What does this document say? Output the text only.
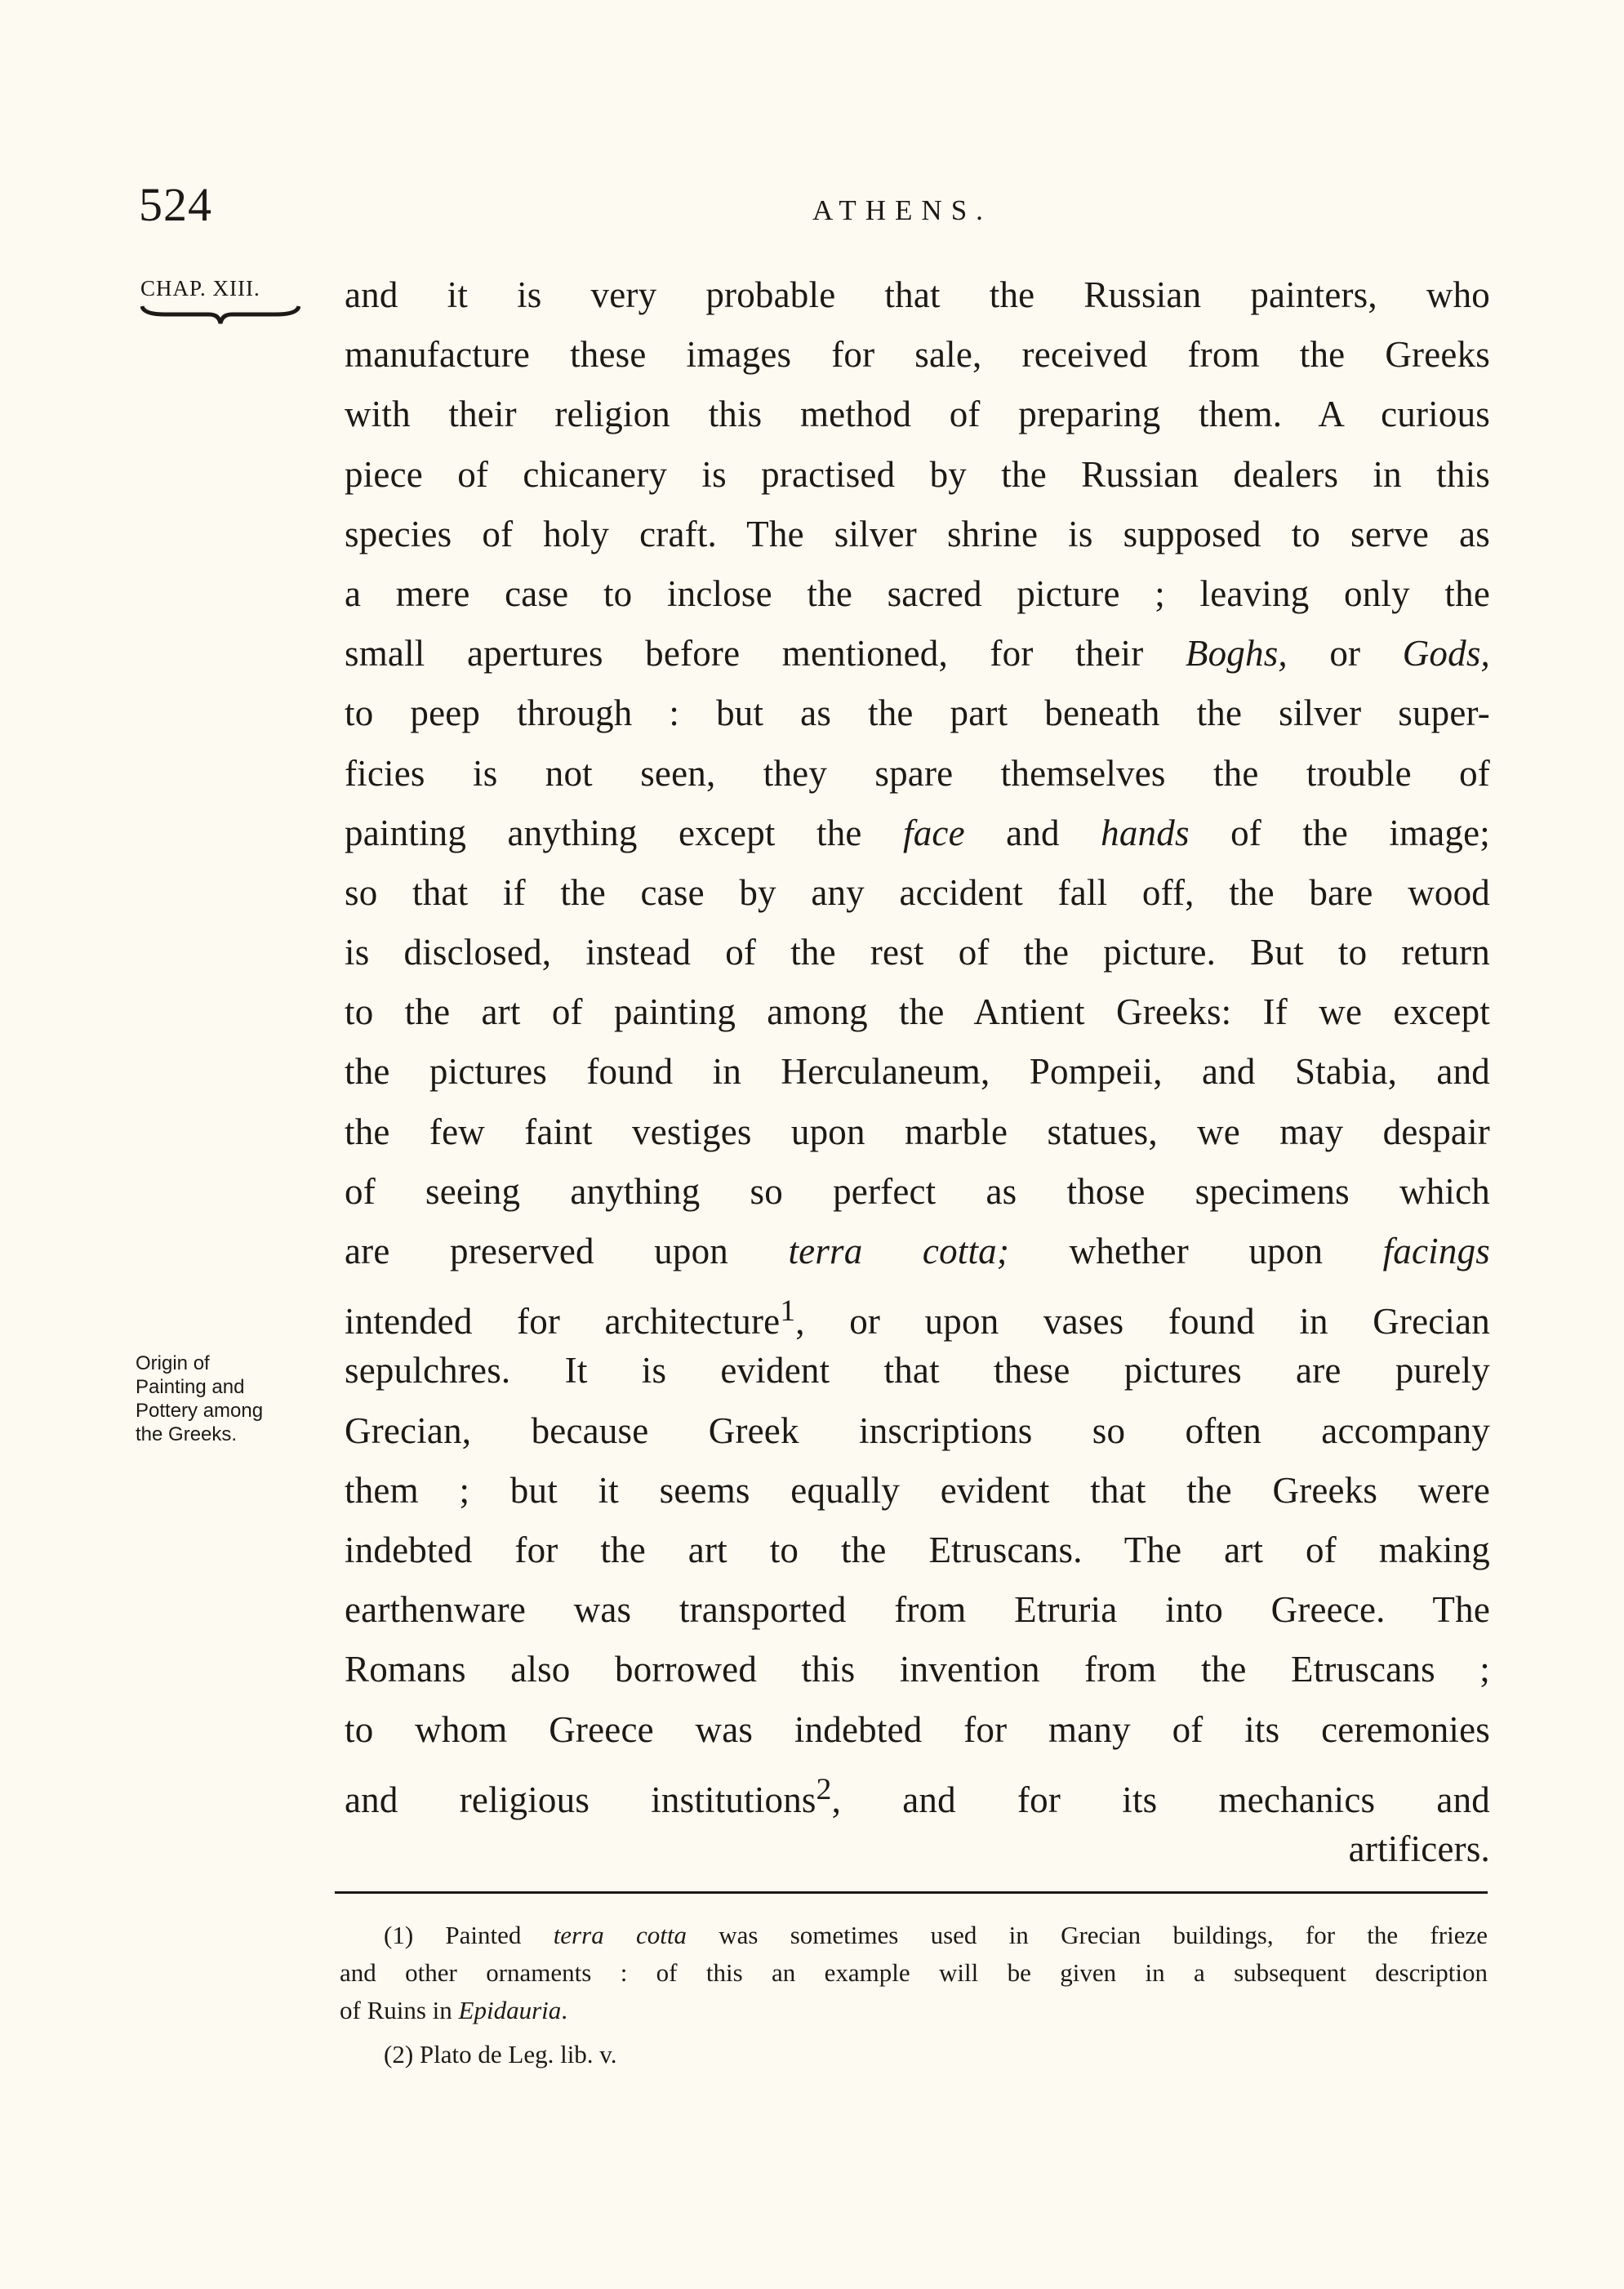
524	ATHENS.
CHAP. XIII.
Origin of
Painting and
Pottery among
the Greeks.
and it is very probable that the Russian painters, who
manufacture these images for sale, received from the Greeks
with their religion this method of preparing them. A curious
piece of chicanery is practised by the Russian dealers in this
species of holy craft. The silver shrine is supposed to serve as
a mere case to inclose the sacred picture ; leaving only the
small apertures before mentioned, for their Boghs, or Gods,
to peep through : but as the part beneath the silver super-
ficies is not seen, they spare themselves the trouble of
painting anything except the face and hands of the image;
so that if the case by any accident fall off, the bare wood
is disclosed, instead of the rest of the picture. But to return
to the art of painting among the Antient Greeks: If we except
the pictures found in Herculaneum, Pompeii, and Stabia, and
the few faint vestiges upon marble statues, we may despair
of seeing anything so perfect as those specimens which
are preserved upon terra cotta; whether upon facings
intended for architecture$^1$, or upon vases found in Grecian
sepulchres. It is evident that these pictures are purely
Grecian, because Greek inscriptions so often accompany
them ; but it seems equally evident that the Greeks were
indebted for the art to the Etruscans. The art of making
earthenware was transported from Etruria into Greece. The
Romans also borrowed this invention from the Etruscans ;
to whom Greece was indebted for many of its ceremonies
and religious institutions$^2$, and for its mechanics and
artificers.
(1) Painted terra cotta was sometimes used in Grecian buildings, for the frieze
and other ornaments : of this an example will be given in a subsequent description
of Ruins in Epidauria.
(2) Plato de Leg. lib. v.
